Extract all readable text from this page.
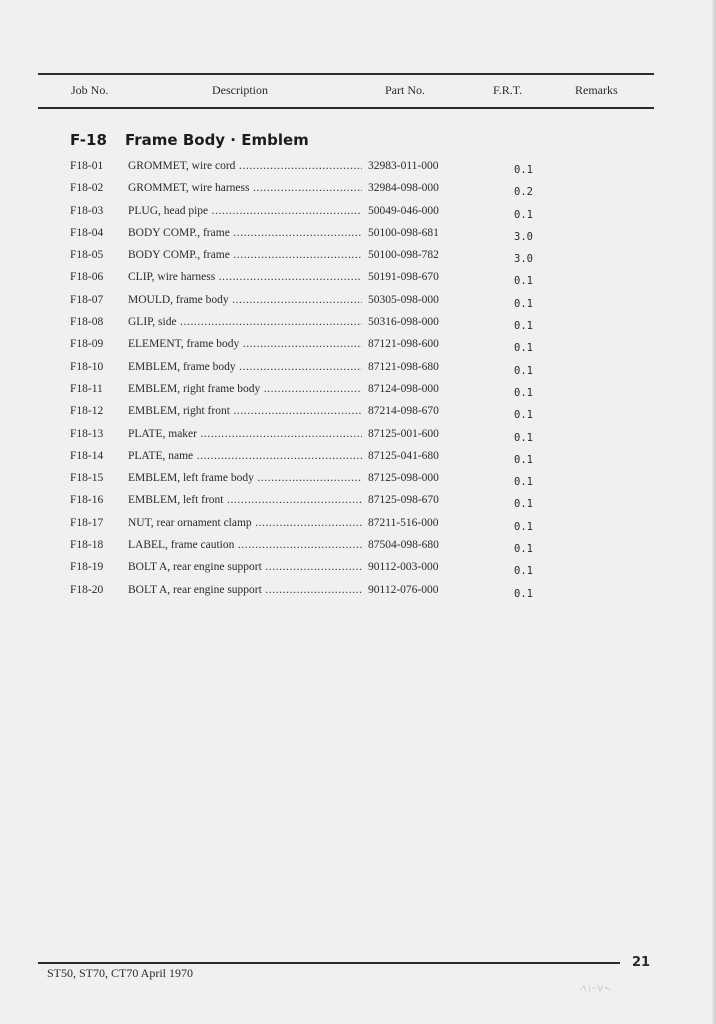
Job No.	Description	Part No.	F.R.T.	Remarks
F-18 Frame Body · Emblem
F18-01 GROMMET, wire cord .....	32983-011-000	0.1
F18-02 GROMMET, wire harness .....	32984-098-000	0.2
F18-03 PLUG, head pipe .....	50049-046-000	0.1
F18-04 BODY COMP., frame .....	50100-098-681	3.0
F18-05 BODY COMP., frame .....	50100-098-782	3.0
F18-06 CLIP, wire harness .....	50191-098-670	0.1
F18-07 MOULD, frame body .....	50305-098-000	0.1
F18-08 GLIP, side .....	50316-098-000	0.1
F18-09 ELEMENT, frame body .....	87121-098-600	0.1
F18-10 EMBLEM, frame body .....	87121-098-680	0.1
F18-11 EMBLEM, right frame body .....	87124-098-000	0.1
F18-12 EMBLEM, right front .....	87214-098-670	0.1
F18-13 PLATE, maker .....	87125-001-600	0.1
F18-14 PLATE, name .....	87125-041-680	0.1
F18-15 EMBLEM, left frame body .....	87125-098-000	0.1
F18-16 EMBLEM, left front .....	87125-098-670	0.1
F18-17 NUT, rear ornament clamp .....	87211-516-000	0.1
F18-18 LABEL, frame caution .....	87504-098-680	0.1
F18-19 BOLT A, rear engine support .....	90112-003-000	0.1
F18-20 BOLT A, rear engine support .....	90112-076-000	0.1
ST50, ST70, CT70 April 1970
21
